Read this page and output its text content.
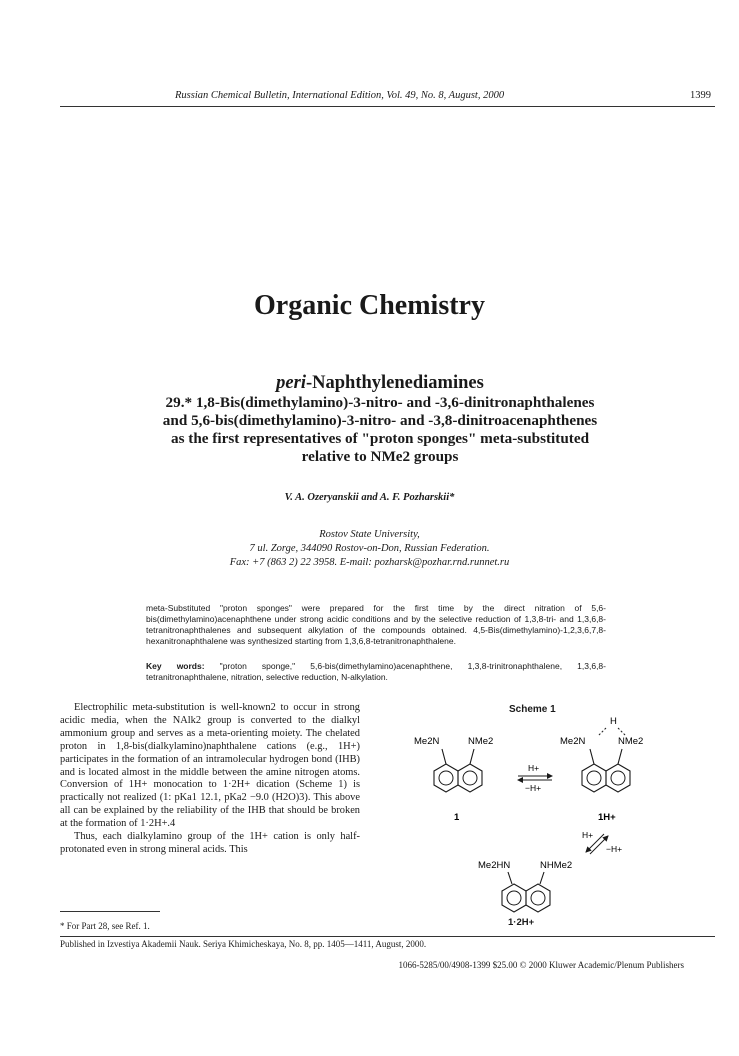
Russian Chemical Bulletin, International Edition, Vol. 49, No. 8, August, 2000	1399
Organic Chemistry
peri-Naphthylenediamines
29.* 1,8-Bis(dimethylamino)-3-nitro- and -3,6-dinitronaphthalenes
and 5,6-bis(dimethylamino)-3-nitro- and -3,8-dinitroacenaphthenes
as the first representatives of "proton sponges" meta-substituted
relative to NMe2 groups
V. A. Ozeryanskii and A. F. Pozharskii*
Rostov State University,
7 ul. Zorge, 344090 Rostov-on-Don, Russian Federation.
Fax: +7 (863 2) 22 3958. E-mail: pozharsk@pozhar.rnd.runnet.ru
meta-Substituted "proton sponges" were prepared for the first time by the direct nitration of 5,6-bis(dimethylamino)acenaphthene under strong acidic conditions and by the selective reduction of 1,3,8-tri- and 1,3,6,8-tetranitronaphthalenes and subsequent alkylation of the compounds obtained. 4,5-Bis(dimethylamino)-1,2,3,6,7,8-hexanitronaphthalene was synthesized starting from 1,3,6,8-tetranitronaphthalene.
Key words: "proton sponge," 5,6-bis(dimethylamino)acenaphthene, 1,3,8-trinitronaphthalene, 1,3,6,8-tetranitronaphthalene, nitration, selective reduction, N-alkylation.

Electrophilic meta-substitution is well-known2 to occur in strong acidic media, when the NAlk2 group is converted to the dialkyl ammonium group and serves as a meta-orienting moiety. The chelated proton in 1,8-bis(dialkylamino)naphthalene cations (e.g., 1H+) participates in the formation of an intramolecular hydrogen bond (IHB) and is located almost in the middle between the amine nitrogen atoms. Conversion of 1H+ monocation to 1·2H+ dication (Scheme 1) is practically not realized (1: pKa1 12.1, pKa2 −9.0 (H2O)3). This above all can be explained by the reliability of the IHB that should be broken at the formation of 1·2H+.4

Thus, each dialkylamino group of the 1H+ cation is only half-protonated even in strong mineral acids. This

Scheme 1
Me2N	NMe2
1
H+
−H+
H
Me2N	NMe2
1H+
H+
−H+
Me2HN	NHMe2
1·2H+
* For Part 28, see Ref. 1.
Published in Izvestiya Akademii Nauk. Seriya Khimicheskaya, No. 8, pp. 1405—1411, August, 2000.
1066-5285/00/4908-1399 $25.00 © 2000 Kluwer Academic/Plenum Publishers
